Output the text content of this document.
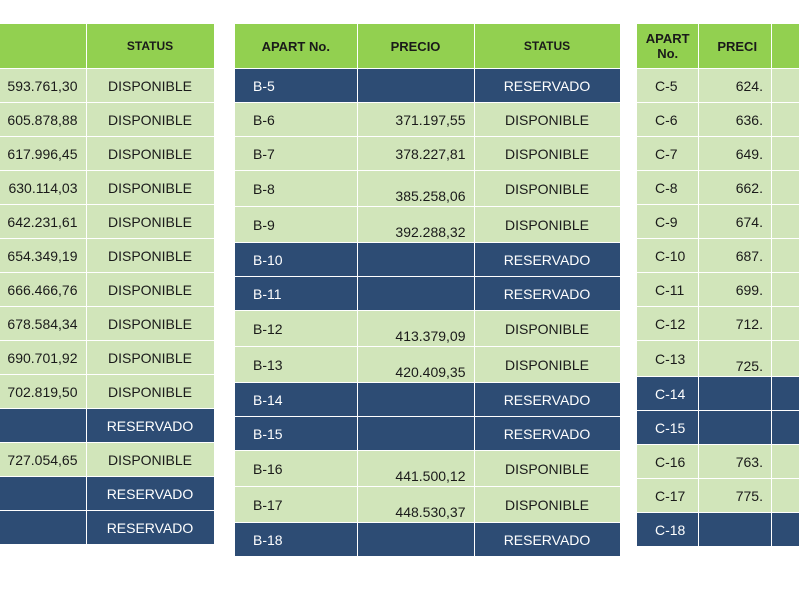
		STATUS
	593.761,30	DISPONIBLE
	605.878,88	DISPONIBLE
	617.996,45	DISPONIBLE
	630.114,03	DISPONIBLE
	642.231,61	DISPONIBLE
	654.349,19	DISPONIBLE
	666.466,76	DISPONIBLE
	678.584,34	DISPONIBLE
	690.701,92	DISPONIBLE
	702.819,50	DISPONIBLE
		RESERVADO
	727.054,65	DISPONIBLE
		RESERVADO
		RESERVADO
APART No.	PRECIO	STATUS
B-5		RESERVADO
B-6	371.197,55	DISPONIBLE
B-7	378.227,81	DISPONIBLE
B-8	385.258,06	DISPONIBLE
B-9	392.288,32	DISPONIBLE
B-10		RESERVADO
B-11		RESERVADO
B-12	413.379,09	DISPONIBLE
B-13	420.409,35	DISPONIBLE
B-14		RESERVADO
B-15		RESERVADO
B-16	441.500,12	DISPONIBLE
B-17	448.530,37	DISPONIBLE
B-18		RESERVADO
APART No.	PRECI	
C-5	624.	
C-6	636.	
C-7	649.	
C-8	662.	
C-9	674.	
C-10	687.	
C-11	699.	
C-12	712.	
C-13	725.	
C-14		
C-15		
C-16	763.	
C-17	775.	
C-18		
